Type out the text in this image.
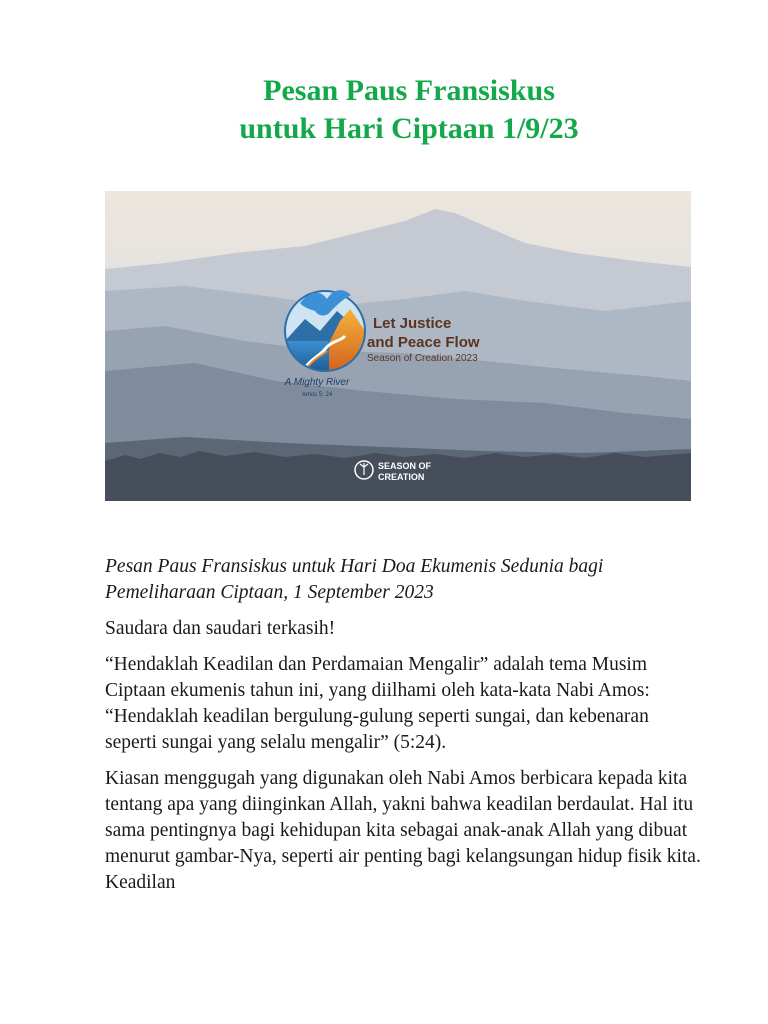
Pesan Paus Fransiskus
untuk Hari Ciptaan 1/9/23
Let Justice
and Peace Flow
Season of Creation 2023
A Mighty River
Amos 5: 24
SEASON OF
CREATION

Pesan Paus Fransiskus untuk Hari Doa Ekumenis Sedunia bagi Pemeliharaan Ciptaan, 1 September 2023

Saudara dan saudari terkasih!

“Hendaklah Keadilan dan Perdamaian Mengalir” adalah tema Musim Ciptaan ekumenis tahun ini, yang diilhami oleh kata-kata Nabi Amos: “Hendaklah keadilan bergulung-gulung seperti sungai, dan kebenaran seperti sungai yang selalu mengalir” (5:24).

Kiasan menggugah yang digunakan oleh Nabi Amos berbicara kepada kita tentang apa yang diinginkan Allah, yakni bahwa keadilan berdaulat. Hal itu sama pentingnya bagi kehidupan kita sebagai anak-anak Allah yang dibuat menurut gambar-Nya, seperti air penting bagi kelangsungan hidup fisik kita. Keadilan
